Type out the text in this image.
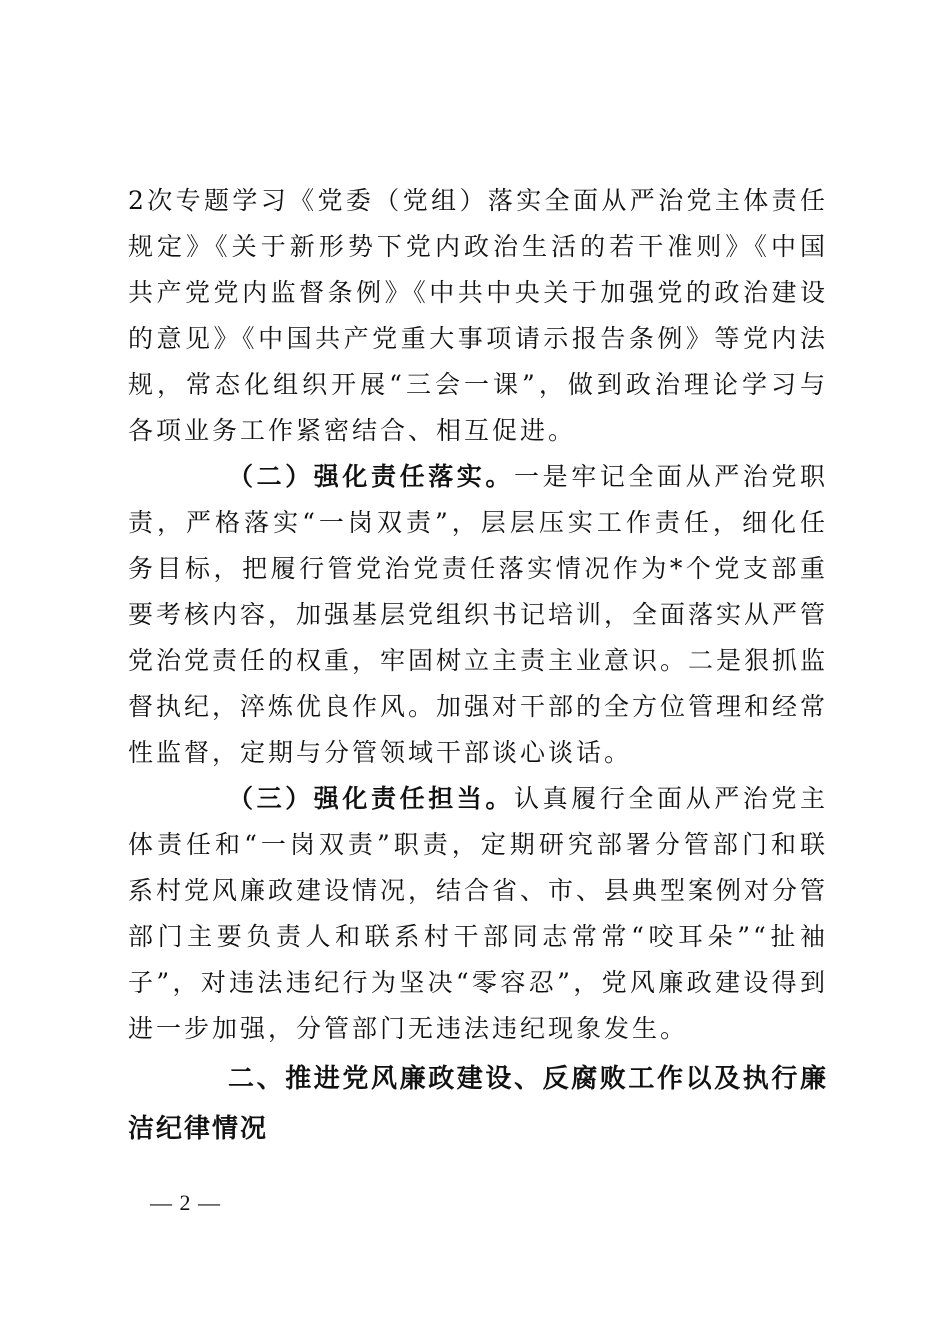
2次专题学习《党委（党组）落实全面从严治党主体责任规定》《关于新形势下党内政治生活的若干准则》《中国共产党党内监督条例》《中共中央关于加强党的政治建设的意见》《中国共产党重大事项请示报告条例》等党内法规，常态化组织开展“三会一课”，做到政治理论学习与各项业务工作紧密结合、相互促进。

（二）强化责任落实。一是牢记全面从严治党职责，严格落实“一岗双责”，层层压实工作责任，细化任务目标，把履行管党治党责任落实情况作为*个党支部重要考核内容，加强基层党组织书记培训，全面落实从严管党治党责任的权重，牢固树立主责主业意识。二是狠抓监督执纪，淬炼优良作风。加强对干部的全方位管理和经常性监督，定期与分管领域干部谈心谈话。

（三）强化责任担当。认真履行全面从严治党主体责任和“一岗双责”职责，定期研究部署分管部门和联系村党风廉政建设情况，结合省、市、县典型案例对分管部门主要负责人和联系村干部同志常常“咬耳朵”“扯袖子”，对违法违纪行为坚决“零容忍”，党风廉政建设得到进一步加强，分管部门无违法违纪现象发生。

二、推进党风廉政建设、反腐败工作以及执行廉洁纪律情况

— 2 —
